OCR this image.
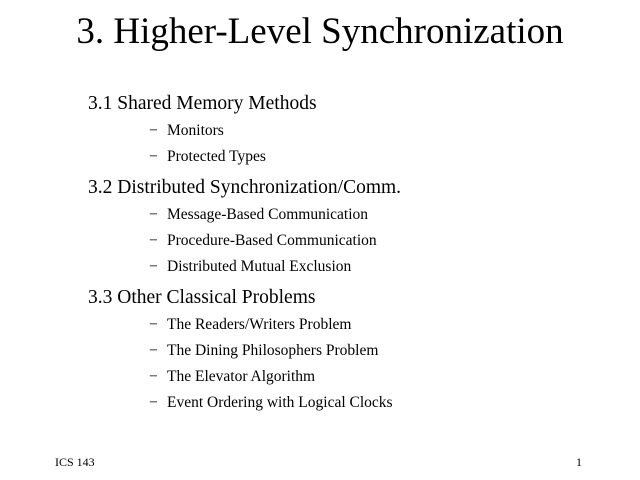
3. Higher-Level Synchronization
3.1 Shared Memory Methods
− Monitors
− Protected Types
3.2 Distributed Synchronization/Comm.
− Message-Based Communication
− Procedure-Based Communication
− Distributed Mutual Exclusion
3.3 Other Classical Problems
− The Readers/Writers Problem
− The Dining Philosophers Problem
− The Elevator Algorithm
− Event Ordering with Logical Clocks
ICS 143	1
